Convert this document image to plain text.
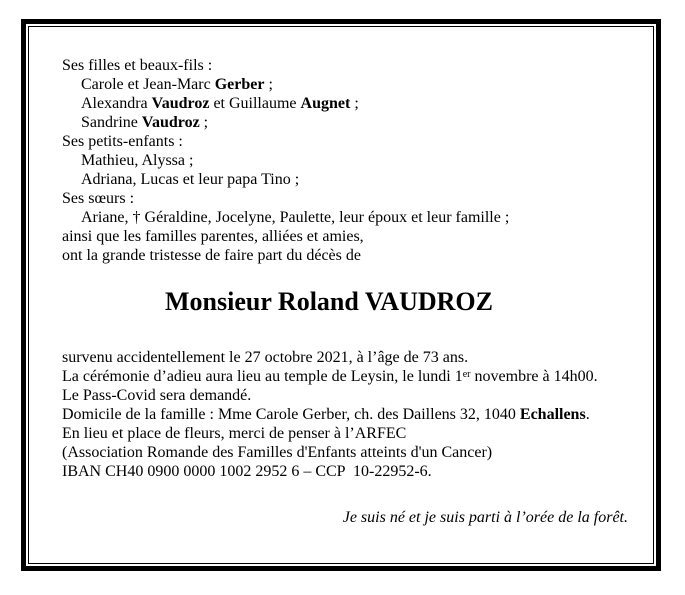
Ses filles et beaux-fils :
Carole et Jean-Marc Gerber ;
Alexandra Vaudroz et Guillaume Augnet ;
Sandrine Vaudroz ;
Ses petits-enfants :
Mathieu, Alyssa ;
Adriana, Lucas et leur papa Tino ;
Ses sœurs :
Ariane, † Géraldine, Jocelyne, Paulette, leur époux et leur famille ;
ainsi que les familles parentes, alliées et amies,
ont la grande tristesse de faire part du décès de
Monsieur Roland VAUDROZ
survenu accidentellement le 27 octobre 2021, à l’âge de 73 ans.
La cérémonie d’adieu aura lieu au temple de Leysin, le lundi 1er novembre à 14h00.
Le Pass-Covid sera demandé.
Domicile de la famille : Mme Carole Gerber, ch. des Daillens 32, 1040 Echallens.
En lieu et place de fleurs, merci de penser à l’ARFEC
(Association Romande des Familles d'Enfants atteints d'un Cancer)
IBAN CH40 0900 0000 1002 2952 6 – CCP  10-22952-6.
Je suis né et je suis parti à l’orée de la forêt.
